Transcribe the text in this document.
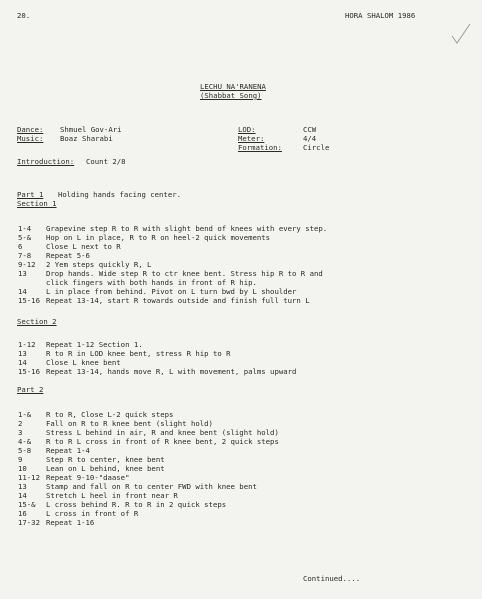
20.	HORA SHALOM 1986
LECHU NA'RANENA
(Shabbat Song)
Dance: Shmuel Gov-Ari
Music: Boaz Sharabi
LOD:	CCW
Meter:	4/4
Formation:	Circle
Introduction: Count 2/8
Part 1 Holding hands facing center.
Section 1
1-4 Grapevine step R to R with slight bend of knees with every step.
5-& Hop on L in place, R to R on heel-2 quick movements
6	Close L next to R
7-8 Repeat 5-6
9-12 2 Yem steps quickly R, L
13	Drop hands. Wide step R to ctr knee bent. Stress hip R to R and
click fingers with both hands in front of R hip.
14	L in place from behind. Pivot on L turn bwd by L shoulder
15-16 Repeat 13-14, start R towards outside and finish full turn L
Section 2
1-12 Repeat 1-12 Section 1.
13	R to R in LOD knee bent, stress R hip to R
14	Close L knee bent
15-16 Repeat 13-14, hands move R, L with movement, palms upward
Part 2
1-& R to R, Close L-2 quick steps
2	Fall on R to R knee bent (slight hold)
3	Stress L behind in air, R and knee bent (slight hold)
4-& R to R L cross in front of R knee bent, 2 quick steps
5-8 Repeat 1-4
9	Step R to center, knee bent
10	Lean on L behind, knee bent
11-12 Repeat 9-10-"daase"
13	Stamp and fall on R to center FWD with knee bent
14	Stretch L heel in front near R
15-& L cross behind R. R to R in 2 quick steps
16	L cross in front of R
17-32 Repeat 1-16
Continued....
